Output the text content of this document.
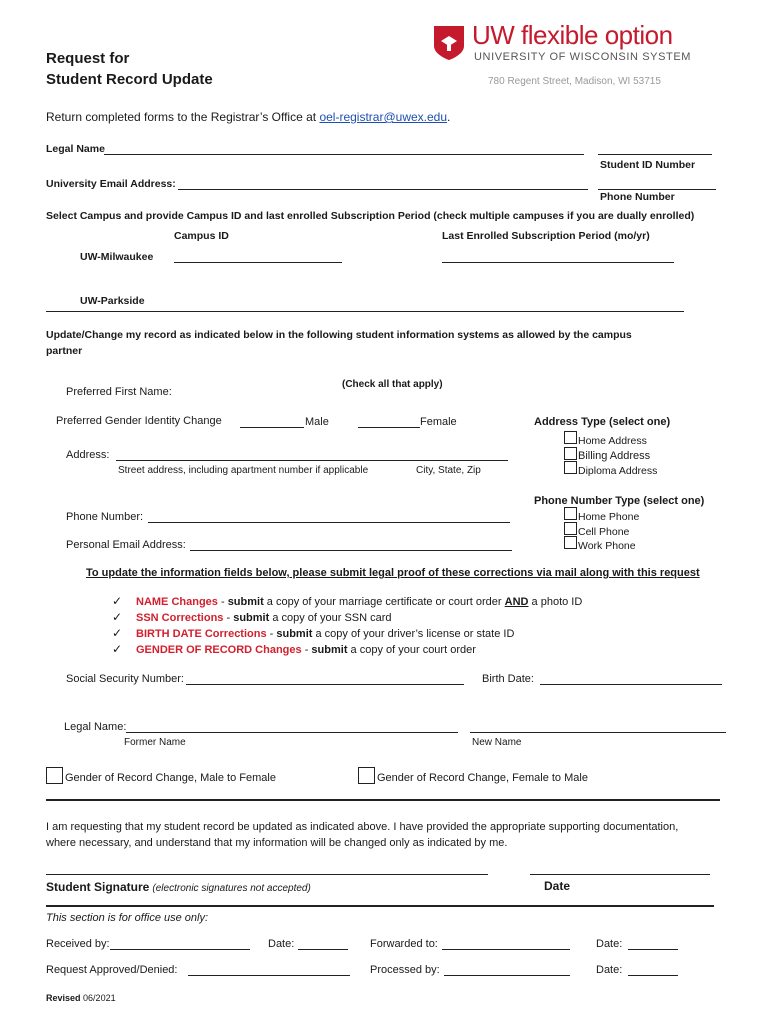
Request for
Student Record Update
UW flexible option
UNIVERSITY OF WISCONSIN SYSTEM
780 Regent Street, Madison, WI 53715
Return completed forms to the Registrar’s Office at oel-registrar@uwex.edu.
Legal Name
Student ID Number
University Email Address:
Phone Number
Select Campus and provide Campus ID and last enrolled Subscription Period (check multiple campuses if you are dually enrolled)
Campus ID	Last Enrolled Subscription Period (mo/yr)
UW-Milwaukee
UW-Parkside
Update/Change my record as indicated below in the following student information systems as allowed by the campus
partner
(Check all that apply)
Preferred First Name:
Preferred Gender Identity Change	Male	Female	Address Type (select one)
Home Address
Billing Address
Diploma Address
Address:
Street address, including apartment number if applicable	City, State, Zip
Phone Number Type (select one)
Home Phone
Cell Phone
Work Phone
Phone Number:
Personal Email Address:
To update the information fields below, please submit legal proof of these corrections via mail along with this request
✓ NAME Changes - submit a copy of your marriage certificate or court order AND a photo ID
✓ SSN Corrections - submit a copy of your SSN card
✓ BIRTH DATE Corrections - submit a copy of your driver’s license or state ID
✓ GENDER OF RECORD Changes - submit a copy of your court order
Social Security Number:	Birth Date:
Legal Name:
Former Name	New Name
Gender of Record Change, Male to Female	Gender of Record Change, Female to Male
I am requesting that my student record be updated as indicated above. I have provided the appropriate supporting documentation,
where necessary, and understand that my information will be changed only as indicated by me.
Student Signature (electronic signatures not accepted)	Date
This section is for office use only:
Received by:	Date:	Forwarded to:	Date:
Request Approved/Denied:	Processed by:	Date:
Revised 06/2021
